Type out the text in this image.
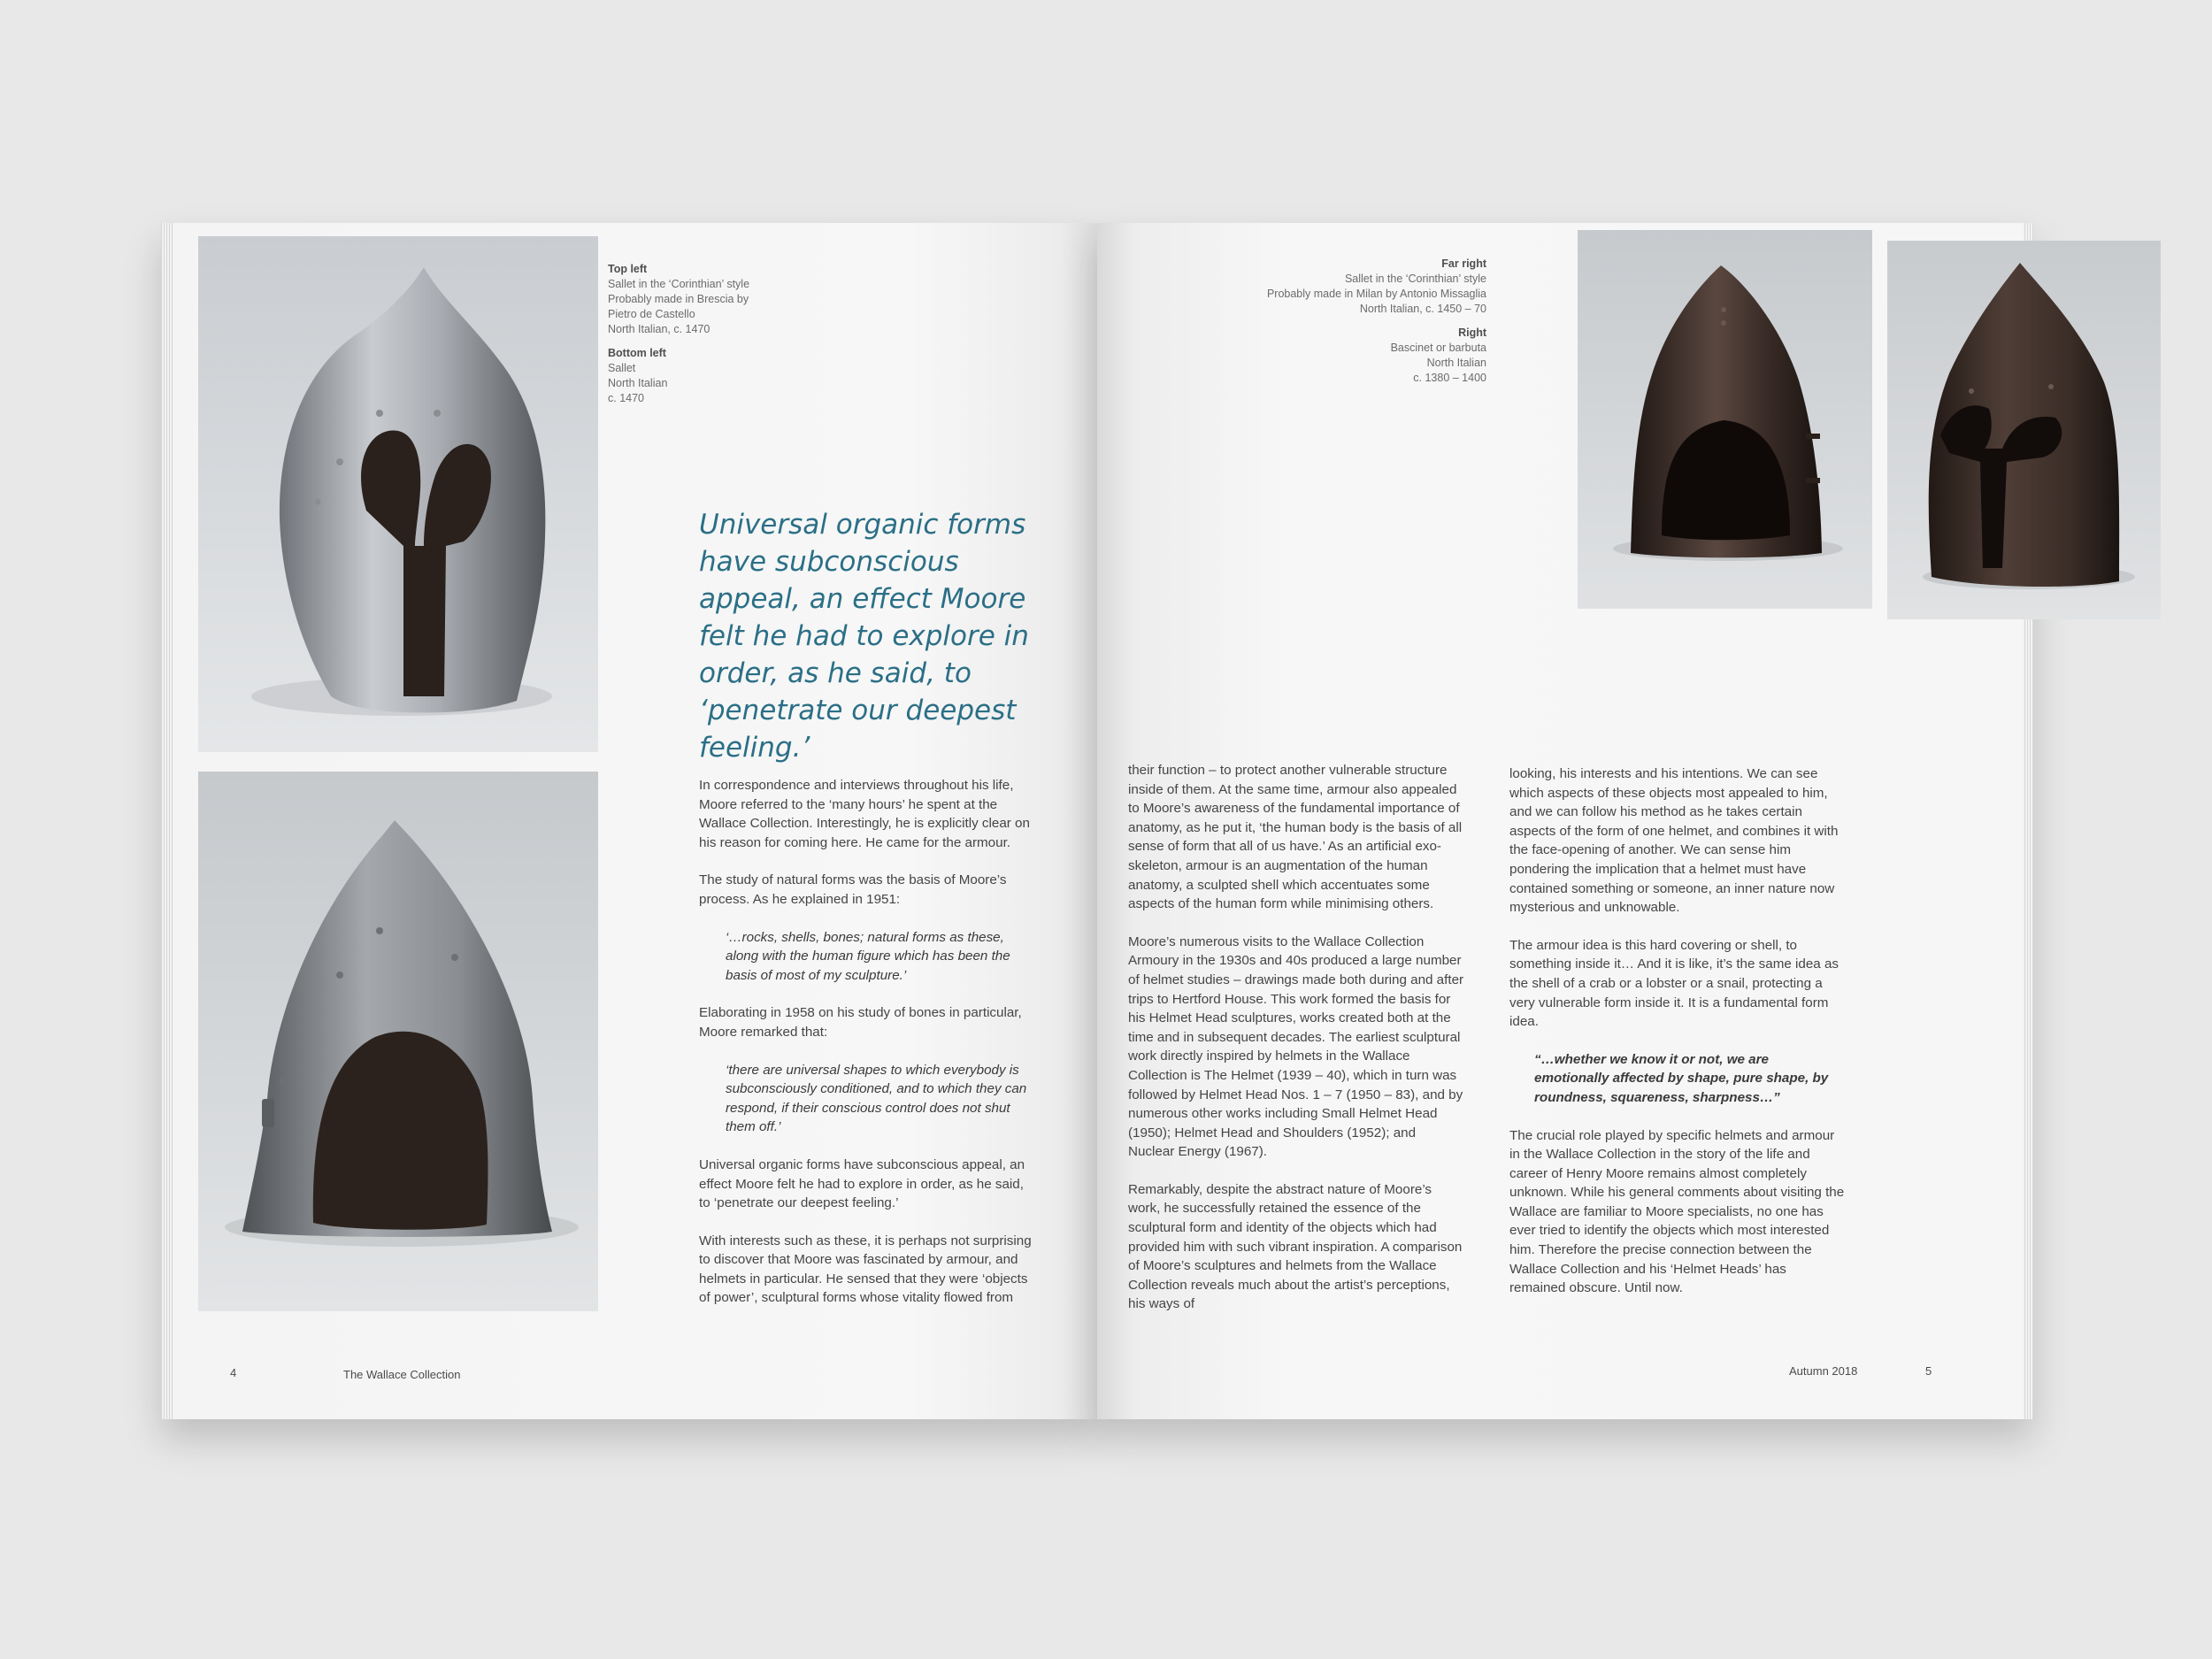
Top left
Sallet in the ‘Corinthian’ style
Probably made in Brescia by
Pietro de Castello
North Italian, c. 1470
Bottom left
Sallet
North Italian
c. 1470
Universal organic forms have subconscious appeal, an effect Moore felt he had to explore in order, as he said, to ‘penetrate our deepest feeling.’

In correspondence and interviews throughout his life, Moore referred to the ‘many hours’ he spent at the Wallace Collection. Interestingly, he is explicitly clear on his reason for coming here. He came for the armour.

The study of natural forms was the basis of Moore’s process. As he explained in 1951:

‘…rocks, shells, bones; natural forms as these, along with the human figure which has been the basis of most of my sculpture.’

Elaborating in 1958 on his study of bones in particular, Moore remarked that:

‘there are universal shapes to which everybody is subconsciously conditioned, and to which they can respond, if their conscious control does not shut them off.’

Universal organic forms have subconscious appeal, an effect Moore felt he had to explore in order, as he said, to ‘penetrate our deepest feeling.’

With interests such as these, it is perhaps not surprising to discover that Moore was fascinated by armour, and helmets in particular. He sensed that they were ‘objects of power’, sculptural forms whose vitality flowed from

4	The Wallace Collection
Far right
Sallet in the ‘Corinthian’ style
Probably made in Milan by Antonio Missaglia
North Italian, c. 1450 – 70
Right
Bascinet or barbuta
North Italian
c. 1380 – 1400

their function – to protect another vulnerable structure inside of them. At the same time, armour also appealed to Moore’s awareness of the fundamental importance of anatomy, as he put it, ‘the human body is the basis of all sense of form that all of us have.’ As an artificial exo-skeleton, armour is an augmentation of the human anatomy, a sculpted shell which accentuates some aspects of the human form while minimising others.

Moore’s numerous visits to the Wallace Collection Armoury in the 1930s and 40s produced a large number of helmet studies – drawings made both during and after trips to Hertford House. This work formed the basis for his Helmet Head sculptures, works created both at the time and in subsequent decades. The earliest sculptural work directly inspired by helmets in the Wallace Collection is The Helmet (1939 – 40), which in turn was followed by Helmet Head Nos. 1 – 7 (1950 – 83), and by numerous other works including Small Helmet Head (1950); Helmet Head and Shoulders (1952); and Nuclear Energy (1967).

Remarkably, despite the abstract nature of Moore’s work, he successfully retained the essence of the sculptural form and identity of the objects which had provided him with such vibrant inspiration. A comparison of Moore’s sculptures and helmets from the Wallace Collection reveals much about the artist’s perceptions, his ways of

looking, his interests and his intentions. We can see which aspects of these objects most appealed to him, and we can follow his method as he takes certain aspects of the form of one helmet, and combines it with the face-opening of another. We can sense him pondering the implication that a helmet must have contained something or someone, an inner nature now mysterious and unknowable.

The armour idea is this hard covering or shell, to something inside it… And it is like, it’s the same idea as the shell of a crab or a lobster or a snail, protecting a very vulnerable form inside it. It is a fundamental form idea.

“…whether we know it or not, we are emotionally affected by shape, pure shape, by roundness, squareness, sharpness…”

The crucial role played by specific helmets and armour in the Wallace Collection in the story of the life and career of Henry Moore remains almost completely unknown. While his general comments about visiting the Wallace are familiar to Moore specialists, no one has ever tried to identify the objects which most interested him. Therefore the precise connection between the Wallace Collection and his ‘Helmet Heads’ has remained obscure. Until now.

Autumn 2018	5
